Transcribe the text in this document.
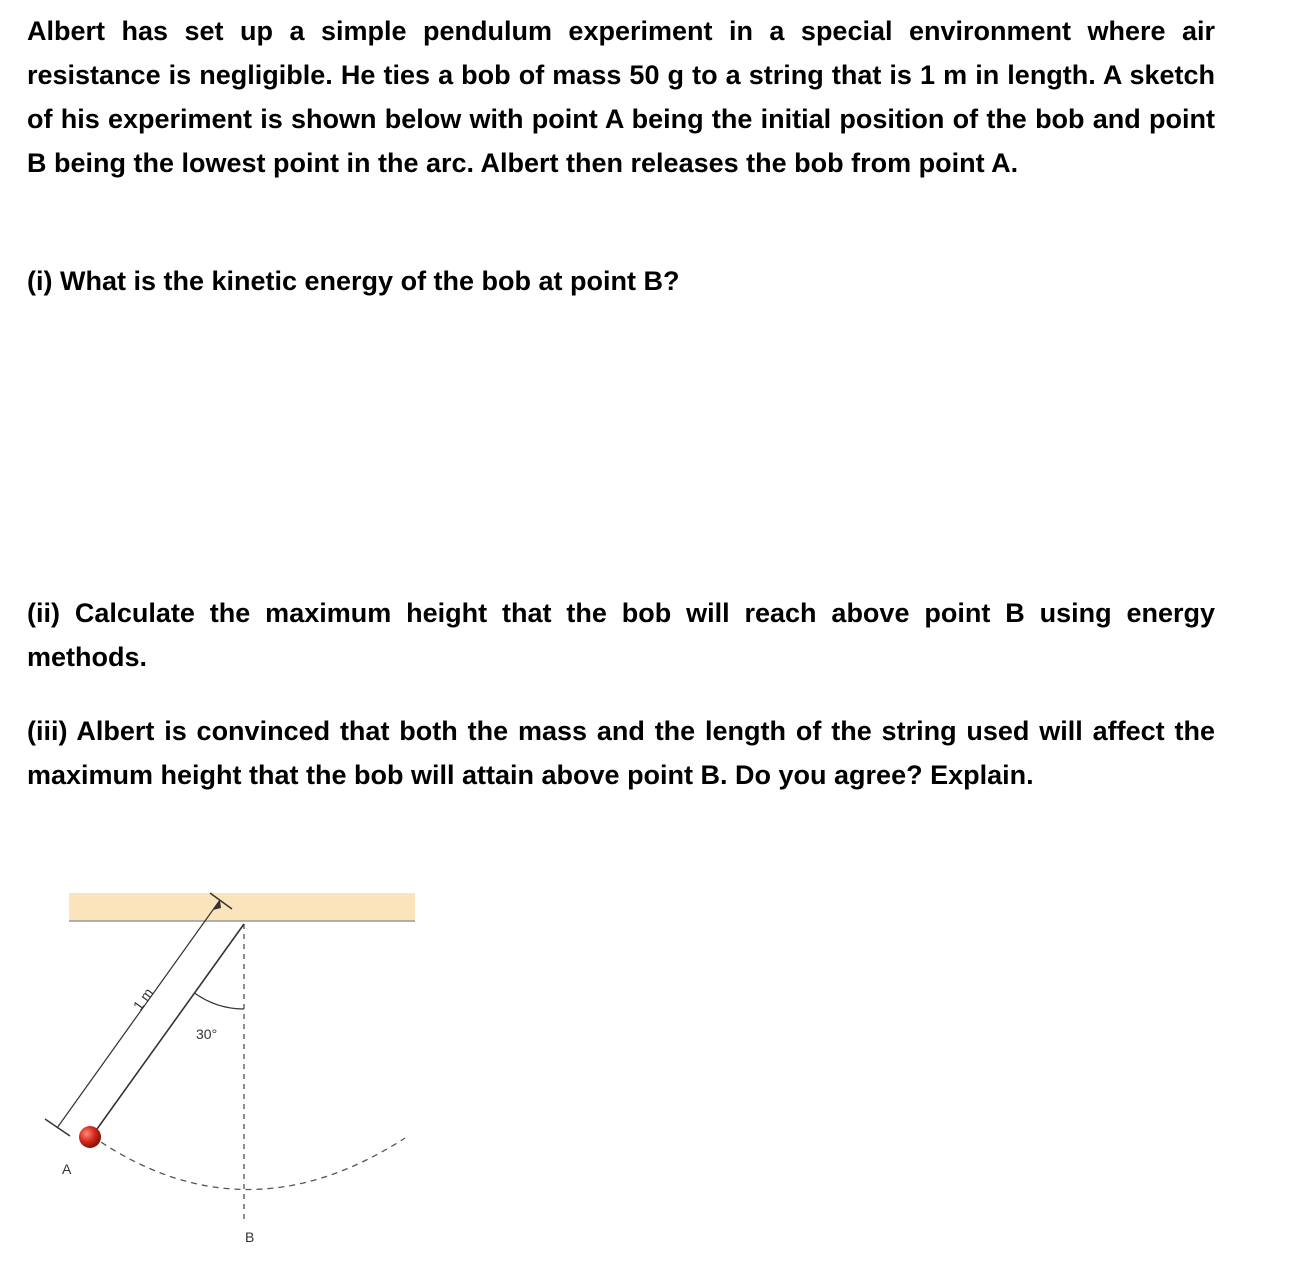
Albert has set up a simple pendulum experiment in a special environment where air resistance is negligible. He ties a bob of mass 50 g to a string that is 1 m in length. A sketch of his experiment is shown below with point A being the initial position of the bob and point B being the lowest point in the arc. Albert then releases the bob from point A.

(i) What is the kinetic energy of the bob at point B?

(ii) Calculate the maximum height that the bob will reach above point B using energy methods.

(iii) Albert is convinced that both the mass and the length of the string used will affect the maximum height that the bob will attain above point B. Do you agree? Explain.

1 m
30°
A
B
